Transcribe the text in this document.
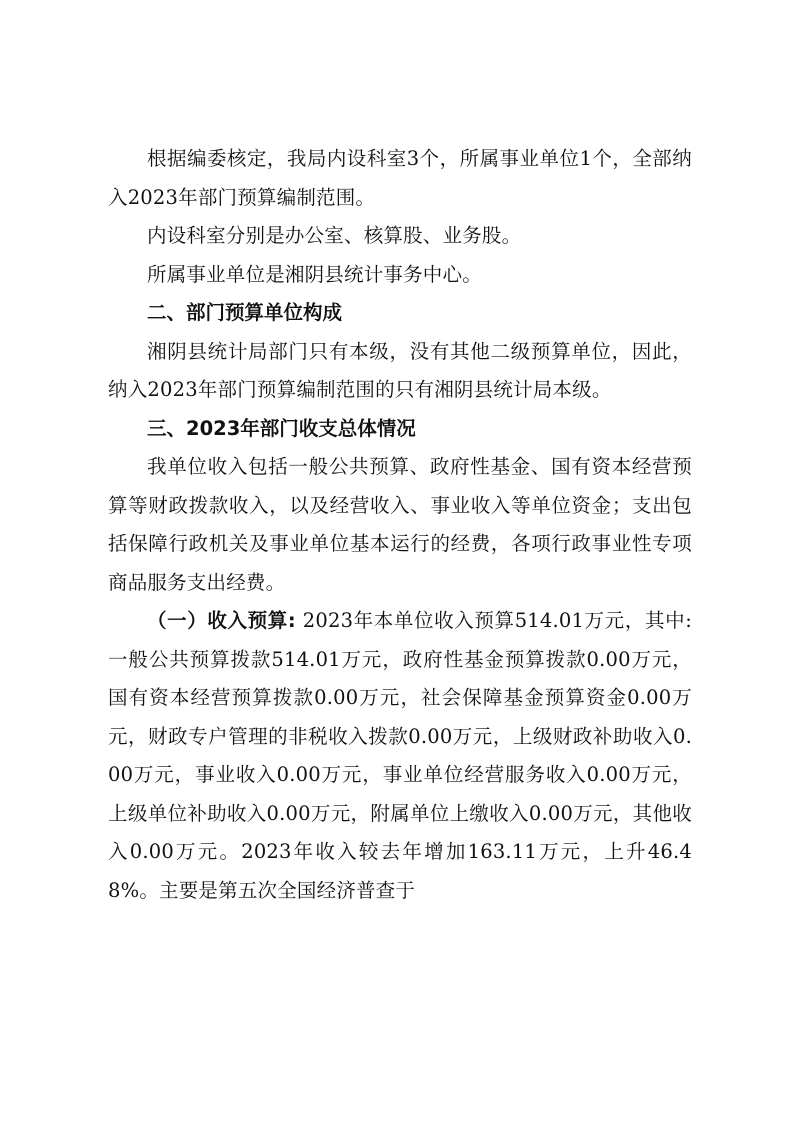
根据编委核定，我局内设科室3个，所属事业单位1个，全部纳入2023年部门预算编制范围。

内设科室分别是办公室、核算股、业务股。

所属事业单位是湘阴县统计事务中心。

二、部门预算单位构成

湘阴县统计局部门只有本级，没有其他二级预算单位，因此，纳入2023年部门预算编制范围的只有湘阴县统计局本级。

三、2023年部门收支总体情况

我单位收入包括一般公共预算、政府性基金、国有资本经营预算等财政拨款收入，以及经营收入、事业收入等单位资金；支出包括保障行政机关及事业单位基本运行的经费，各项行政事业性专项商品服务支出经费。

（一）收入预算: 2023年本单位收入预算514.01万元，其中: 一般公共预算拨款514.01万元，政府性基金预算拨款0.00万元，国有资本经营预算拨款0.00万元，社会保障基金预算资金0.00万元，财政专户管理的非税收入拨款0.00万元，上级财政补助收入0.00万元，事业收入0.00万元，事业单位经营服务收入0.00万元，上级单位补助收入0.00万元，附属单位上缴收入0.00万元，其他收入0.00万元。2023年收入较去年增加163.11万元，上升46.48%。主要是第五次全国经济普查于
